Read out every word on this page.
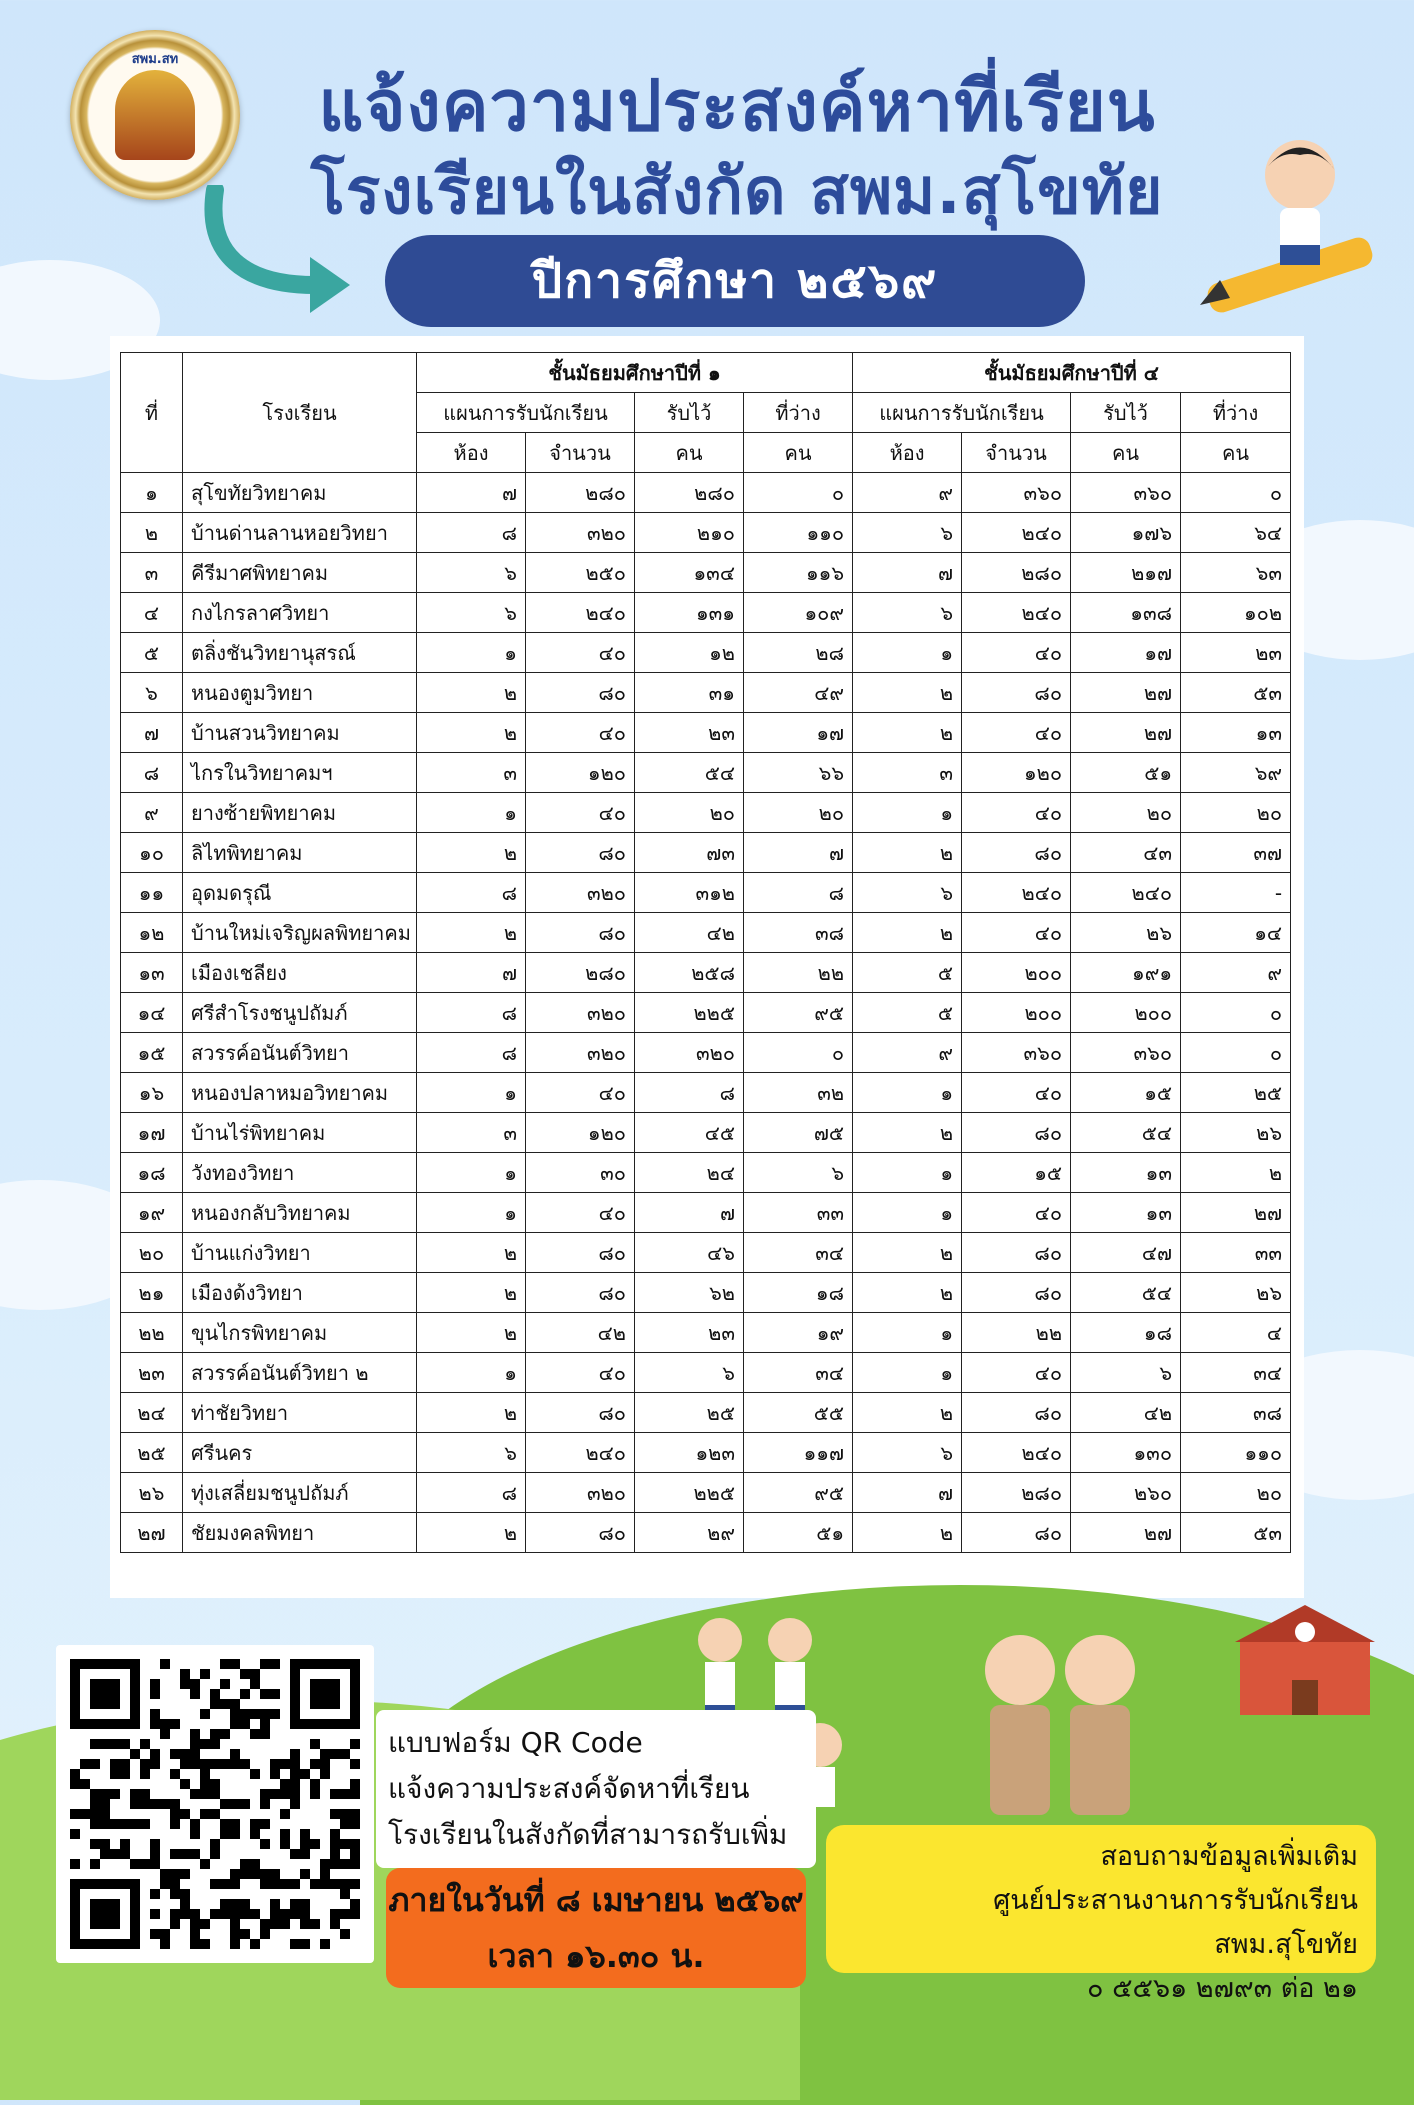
สพม.สท
แจ้งความประสงค์หาที่เรียน
โรงเรียนในสังกัด สพม.สุโขทัย
ปีการศึกษา ๒๕๖๙
ที่	โรงเรียน	ชั้นมัธยมศึกษาปีที่ ๑				ชั้นมัธยมศึกษาปีที่ ๔			
		แผนการรับนักเรียน		รับไว้	ที่ว่าง	แผนการรับนักเรียน		รับไว้	ที่ว่าง
		ห้อง	จำนวน	คน	คน	ห้อง	จำนวน	คน	คน
๑	สุโขทัยวิทยาคม	๗	๒๘๐	๒๘๐	๐	๙	๓๖๐	๓๖๐	๐
๒	บ้านด่านลานหอยวิทยา	๘	๓๒๐	๒๑๐	๑๑๐	๖	๒๔๐	๑๗๖	๖๔
๓	คีรีมาศพิทยาคม	๖	๒๕๐	๑๓๔	๑๑๖	๗	๒๘๐	๒๑๗	๖๓
๔	กงไกรลาศวิทยา	๖	๒๔๐	๑๓๑	๑๐๙	๖	๒๔๐	๑๓๘	๑๐๒
๕	ตลิ่งชันวิทยานุสรณ์	๑	๔๐	๑๒	๒๘	๑	๔๐	๑๗	๒๓
๖	หนองตูมวิทยา	๒	๘๐	๓๑	๔๙	๒	๘๐	๒๗	๕๓
๗	บ้านสวนวิทยาคม	๒	๔๐	๒๓	๑๗	๒	๔๐	๒๗	๑๓
๘	ไกรในวิทยาคมฯ	๓	๑๒๐	๕๔	๖๖	๓	๑๒๐	๕๑	๖๙
๙	ยางซ้ายพิทยาคม	๑	๔๐	๒๐	๒๐	๑	๔๐	๒๐	๒๐
๑๐	ลิไทพิทยาคม	๒	๘๐	๗๓	๗	๒	๘๐	๔๓	๓๗
๑๑	อุดมดรุณี	๘	๓๒๐	๓๑๒	๘	๖	๒๔๐	๒๔๐	-
๑๒	บ้านใหม่เจริญผลพิทยาคม	๒	๘๐	๔๒	๓๘	๒	๔๐	๒๖	๑๔
๑๓	เมืองเชลียง	๗	๒๘๐	๒๕๘	๒๒	๕	๒๐๐	๑๙๑	๙
๑๔	ศรีสำโรงชนูปถัมภ์	๘	๓๒๐	๒๒๕	๙๕	๕	๒๐๐	๒๐๐	๐
๑๕	สวรรค์อนันต์วิทยา	๘	๓๒๐	๓๒๐	๐	๙	๓๖๐	๓๖๐	๐
๑๖	หนองปลาหมอวิทยาคม	๑	๔๐	๘	๓๒	๑	๔๐	๑๕	๒๕
๑๗	บ้านไร่พิทยาคม	๓	๑๒๐	๔๕	๗๕	๒	๘๐	๕๔	๒๖
๑๘	วังทองวิทยา	๑	๓๐	๒๔	๖	๑	๑๕	๑๓	๒
๑๙	หนองกลับวิทยาคม	๑	๔๐	๗	๓๓	๑	๔๐	๑๓	๒๗
๒๐	บ้านแก่งวิทยา	๒	๘๐	๔๖	๓๔	๒	๘๐	๔๗	๓๓
๒๑	เมืองด้งวิทยา	๒	๘๐	๖๒	๑๘	๒	๘๐	๕๔	๒๖
๒๒	ขุนไกรพิทยาคม	๒	๔๒	๒๓	๑๙	๑	๒๒	๑๘	๔
๒๓	สวรรค์อนันต์วิทยา ๒	๑	๔๐	๖	๓๔	๑	๔๐	๖	๓๔
๒๔	ท่าชัยวิทยา	๒	๘๐	๒๕	๕๕	๒	๘๐	๔๒	๓๘
๒๕	ศรีนคร	๖	๒๔๐	๑๒๓	๑๑๗	๖	๒๔๐	๑๓๐	๑๑๐
๒๖	ทุ่งเสลี่ยมชนูปถัมภ์	๘	๓๒๐	๒๒๕	๙๕	๗	๒๘๐	๒๖๐	๒๐
๒๗	ชัยมงคลพิทยา	๒	๘๐	๒๙	๕๑	๒	๘๐	๒๗	๕๓
แบบฟอร์ม QR Code
แจ้งความประสงค์จัดหาที่เรียน
โรงเรียนในสังกัดที่สามารถรับเพิ่ม
ภายในวันที่ ๘ เมษายน ๒๕๖๙
เวลา ๑๖.๓๐ น.
สอบถามข้อมูลเพิ่มเติม
ศูนย์ประสานงานการรับนักเรียน สพม.สุโขทัย
๐ ๕๕๖๑ ๒๗๙๓ ต่อ ๒๑
